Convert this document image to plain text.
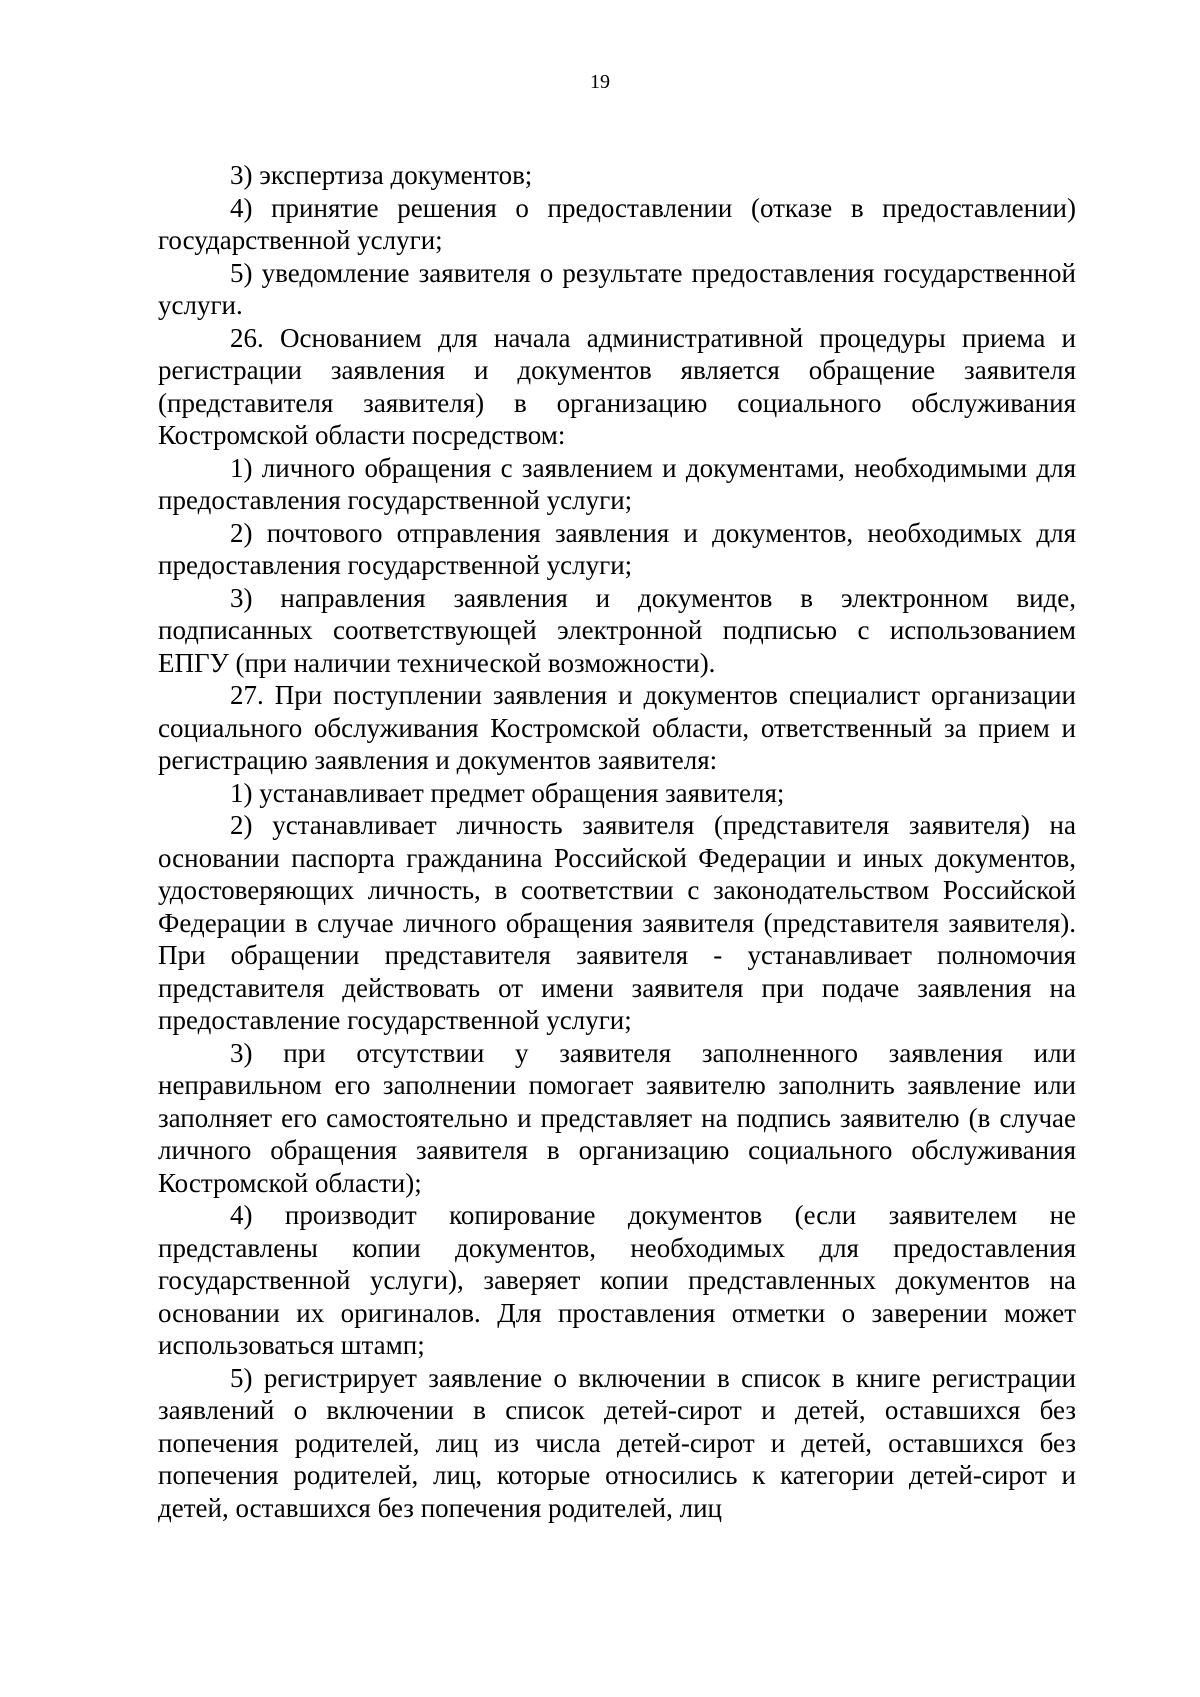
19

3) экспертиза документов;

4) принятие решения о предоставлении (отказе в предоставлении) государственной услуги;

5) уведомление заявителя о результате предоставления государственной услуги.

26. Основанием для начала административной процедуры приема и регистрации заявления и документов является обращение заявителя (представителя заявителя) в организацию социального обслуживания Костромской области посредством:

1) личного обращения с заявлением и документами, необходимыми для предоставления государственной услуги;

2) почтового отправления заявления и документов, необходимых для предоставления государственной услуги;

3) направления заявления и документов в электронном виде, подписанных соответствующей электронной подписью с использованием ЕПГУ (при наличии технической возможности).

27. При поступлении заявления и документов специалист организации социального обслуживания Костромской области, ответственный за прием и регистрацию заявления и документов заявителя:

1) устанавливает предмет обращения заявителя;

2) устанавливает личность заявителя (представителя заявителя) на основании паспорта гражданина Российской Федерации и иных документов, удостоверяющих личность, в соответствии с законодательством Российской Федерации в случае личного обращения заявителя (представителя заявителя). При обращении представителя заявителя - устанавливает полномочия представителя действовать от имени заявителя при подаче заявления на предоставление государственной услуги;

3) при отсутствии у заявителя заполненного заявления или неправильном его заполнении помогает заявителю заполнить заявление или заполняет его самостоятельно и представляет на подпись заявителю (в случае личного обращения заявителя в организацию социального обслуживания Костромской области);

4) производит копирование документов (если заявителем не представлены копии документов, необходимых для предоставления государственной услуги), заверяет копии представленных документов на основании их оригиналов. Для проставления отметки о заверении может использоваться штамп;

5) регистрирует заявление о включении в список в книге регистрации заявлений о включении в список детей-сирот и детей, оставшихся без попечения родителей, лиц из числа детей-сирот и детей, оставшихся без попечения родителей, лиц, которые относились к категории детей-сирот и детей, оставшихся без попечения родителей, лиц
